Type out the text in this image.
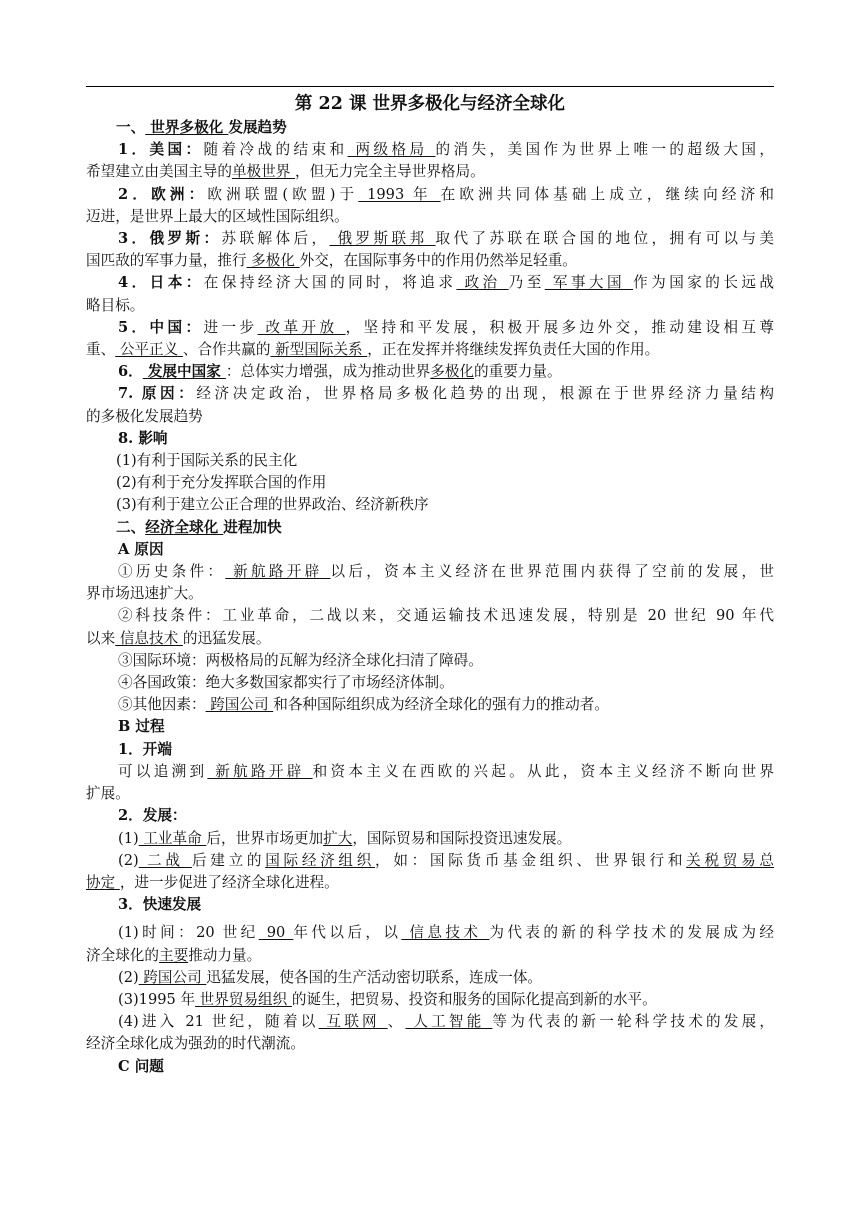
第 22 课 世界多极化与经济全球化
一、 世界多极化 发展趋势
1．美国：随着冷战的结束和 两级格局 的消失，美国作为世界上唯一的超级大国，
希望建立由美国主导的单极世界 ，但无力完全主导世界格局。
2．欧洲：欧洲联盟(欧盟)于 1993 年 在欧洲共同体基础上成立，继续向经济和
迈进，是世界上最大的区域性国际组织。
3．俄罗斯：苏联解体后， 俄罗斯联邦 取代了苏联在联合国的地位，拥有可以与美
国匹敌的军事力量，推行 多极化 外交，在国际事务中的作用仍然举足轻重。
4．日本：在保持经济大国的同时，将追求 政治 乃至 军事大国 作为国家的长远战
略目标。
5．中国：进一步 改革开放 ，坚持和平发展，积极开展多边外交，推动建设相互尊
重、 公平正义 、合作共赢的 新型国际关系 ，正在发挥并将继续发挥负责任大国的作用。
6． 发展中国家 ：总体实力增强，成为推动世界多极化的重要力量。
7. 原因：经济决定政治，世界格局多极化趋势的出现，根源在于世界经济力量结构
的多极化发展趋势
8. 影响
(1)有利于国际关系的民主化
(2)有利于充分发挥联合国的作用
(3)有利于建立公正合理的世界政治、经济新秩序
二、经济全球化 进程加快
A 原因
①历史条件： 新航路开辟 以后，资本主义经济在世界范围内获得了空前的发展，世
界市场迅速扩大。
②科技条件：工业革命，二战以来，交通运输技术迅速发展，特别是 20 世纪 90 年代
以来 信息技术 的迅猛发展。
③国际环境：两极格局的瓦解为经济全球化扫清了障碍。
④各国政策：绝大多数国家都实行了市场经济体制。
⑤其他因素： 跨国公司 和各种国际组织成为经济全球化的强有力的推动者。
B 过程
1．开端
可以追溯到 新航路开辟 和资本主义在西欧的兴起。从此，资本主义经济不断向世界
扩展。
2．发展：
(1) 工业革命 后，世界市场更加扩大，国际贸易和国际投资迅速发展。
(2) 二战 后建立的国际经济组织，如：国际货币基金组织、世界银行和关税贸易总
协定 ，进一步促进了经济全球化进程。
3．快速发展
(1)时间：20 世纪 90 年代以后，以 信息技术 为代表的新的科学技术的发展成为经
济全球化的主要推动力量。
(2) 跨国公司 迅猛发展，使各国的生产活动密切联系，连成一体。
(3)1995 年 世界贸易组织 的诞生，把贸易、投资和服务的国际化提高到新的水平。
(4)进入 21 世纪，随着以 互联网 、 人工智能 等为代表的新一轮科学技术的发展，
经济全球化成为强劲的时代潮流。
C 问题
